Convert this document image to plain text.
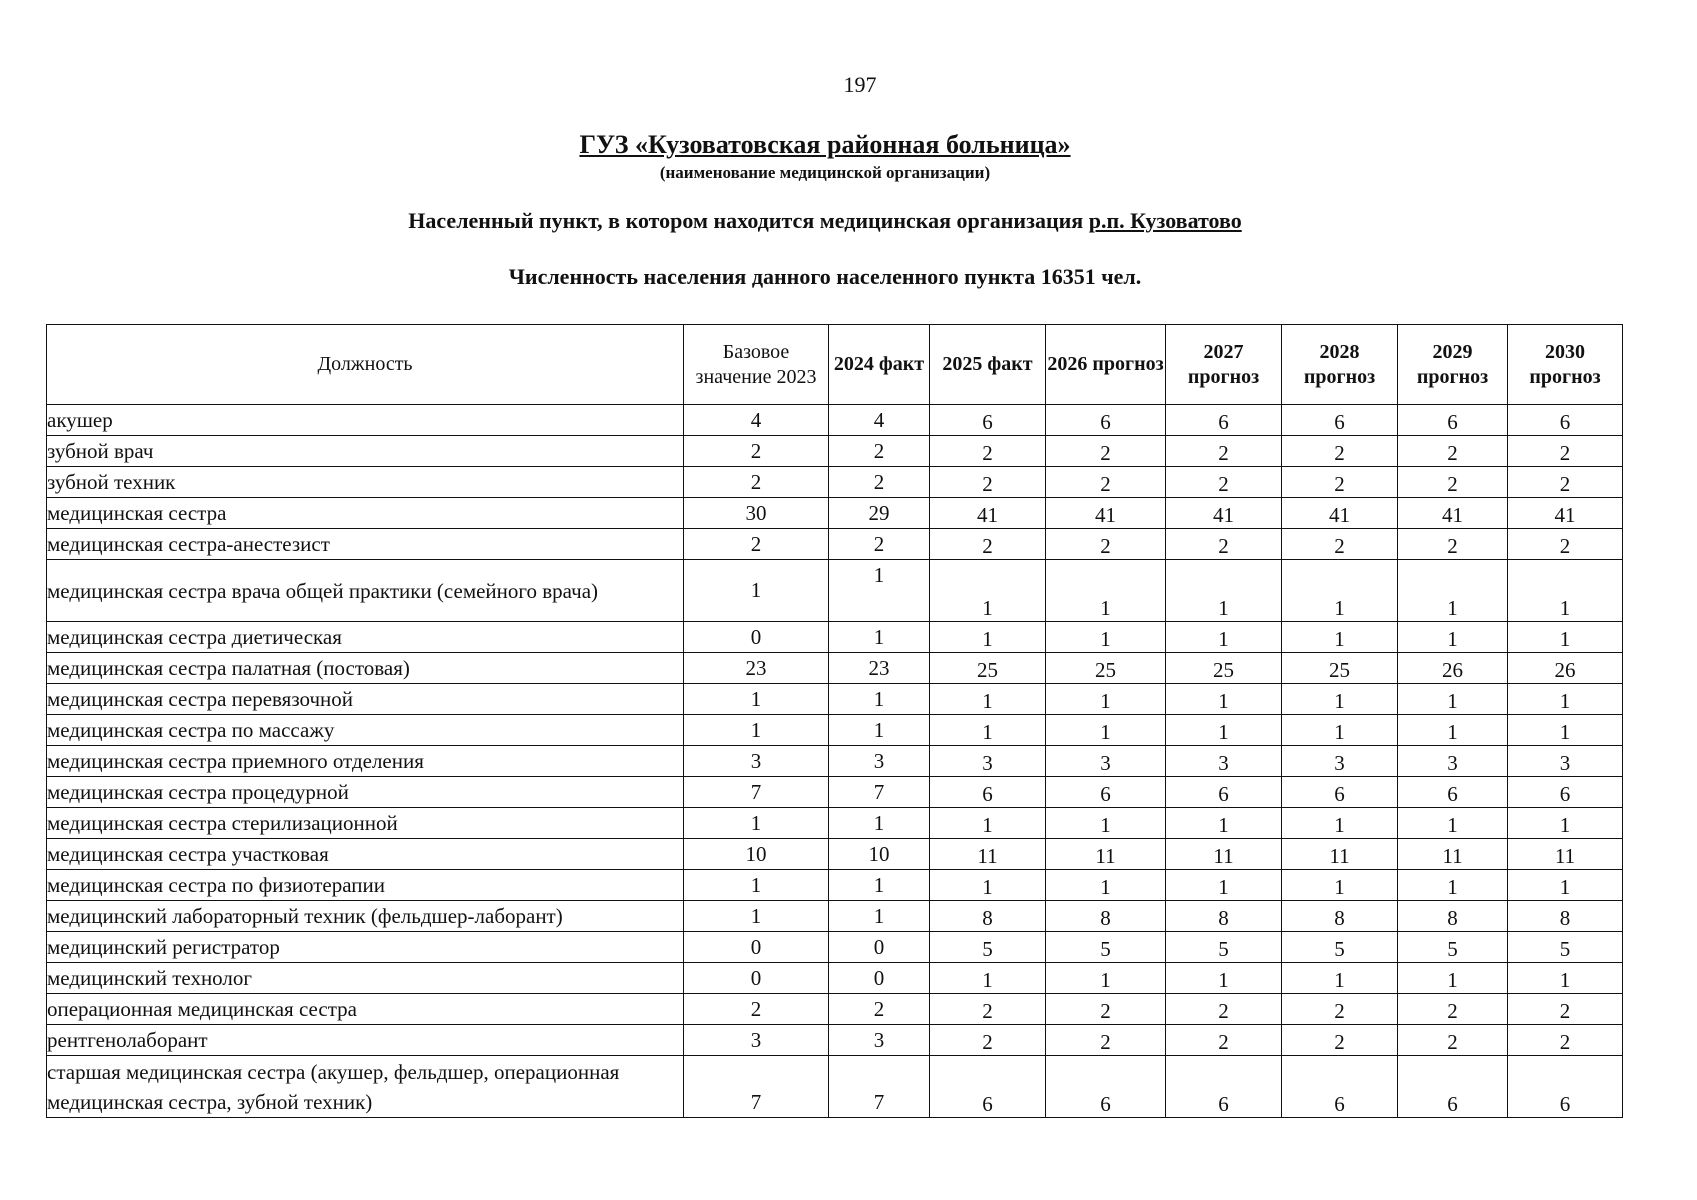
197
ГУЗ «Кузоватовская районная больница»
(наименование медицинской организации)
Населенный пункт, в котором находится медицинская организация р.п. Кузоватово
Численность населения данного населенного пункта 16351 чел.
Должность	Базовое значение 2023	2024 факт	2025 факт	2026 прогноз	2027 прогноз	2028 прогноз	2029 прогноз	2030 прогноз
акушер	4	4	6	6	6	6	6	6
зубной врач	2	2	2	2	2	2	2	2
зубной техник	2	2	2	2	2	2	2	2
медицинская сестра	30	29	41	41	41	41	41	41
медицинская сестра-анестезист	2	2	2	2	2	2	2	2
медицинская сестра врача общей практики (семейного врача)	1	1	1	1	1	1	1	1
медицинская сестра диетическая	0	1	1	1	1	1	1	1
медицинская сестра палатная (постовая)	23	23	25	25	25	25	26	26
медицинская сестра перевязочной	1	1	1	1	1	1	1	1
медицинская сестра по массажу	1	1	1	1	1	1	1	1
медицинская сестра приемного отделения	3	3	3	3	3	3	3	3
медицинская сестра процедурной	7	7	6	6	6	6	6	6
медицинская сестра стерилизационной	1	1	1	1	1	1	1	1
медицинская сестра участковая	10	10	11	11	11	11	11	11
медицинская сестра по физиотерапии	1	1	1	1	1	1	1	1
медицинский лабораторный техник (фельдшер-лаборант)	1	1	8	8	8	8	8	8
медицинский регистратор	0	0	5	5	5	5	5	5
медицинский технолог	0	0	1	1	1	1	1	1
операционная медицинская сестра	2	2	2	2	2	2	2	2
рентгенолаборант	3	3	2	2	2	2	2	2
старшая медицинская сестра (акушер, фельдшер, операционная медицинская сестра, зубной техник)	7	7	6	6	6	6	6	6
